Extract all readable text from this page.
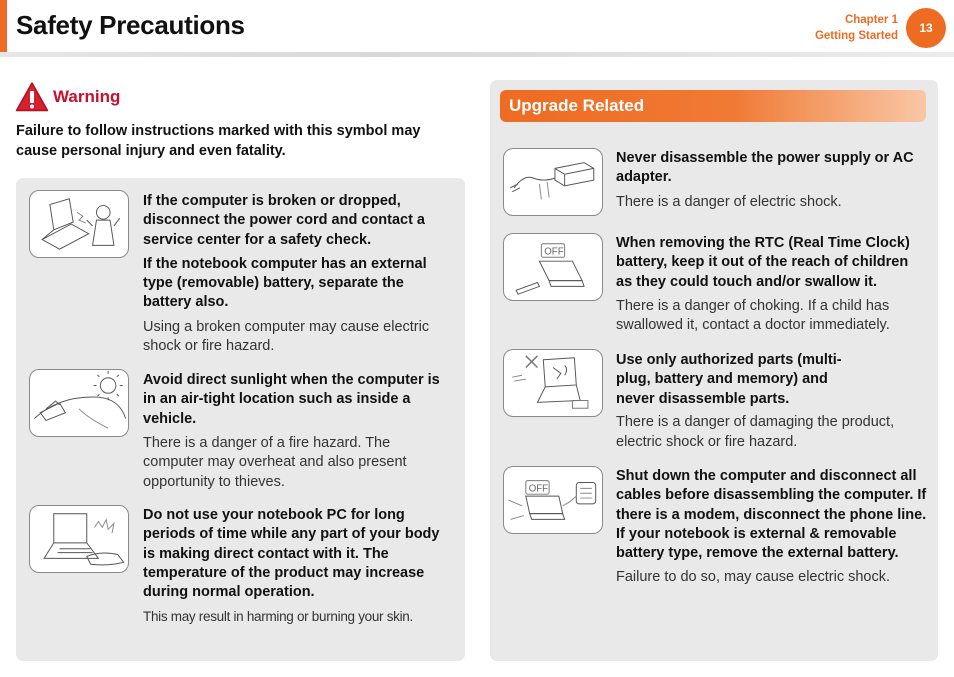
Safety Precautions	Chapter 1
Getting Started
13
Warning

Failure to follow instructions marked with this symbol may cause personal injury and even fatality.

If the computer is broken or dropped, disconnect the power cord and contact a service center for a safety check.
If the notebook computer has an external type (removable) battery, separate the battery also.
Using a broken computer may cause electric shock or fire hazard.
Avoid direct sunlight when the computer is in an air-tight location such as inside a vehicle.
There is a danger of a fire hazard. The computer may overheat and also present opportunity to thieves.
Do not use your notebook PC for long periods of time while any part of your body is making direct contact with it. The temperature of the product may increase during normal operation.
This may result in harming or burning your skin.
Upgrade Related
Never disassemble the power supply or AC adapter.
There is a danger of electric shock.
OFF
When removing the RTC (Real Time Clock) battery, keep it out of the reach of children as they could touch and/or swallow it.
There is a danger of choking. If a child has swallowed it, contact a doctor immediately.
Use only authorized parts (multi-plug, battery and memory) and never disassemble parts.
There is a danger of damaging the product, electric shock or fire hazard.
OFF
Shut down the computer and disconnect all cables before disassembling the computer. If there is a modem, disconnect the phone line. If your notebook is external & removable battery type, remove the external battery.
Failure to do so, may cause electric shock.
